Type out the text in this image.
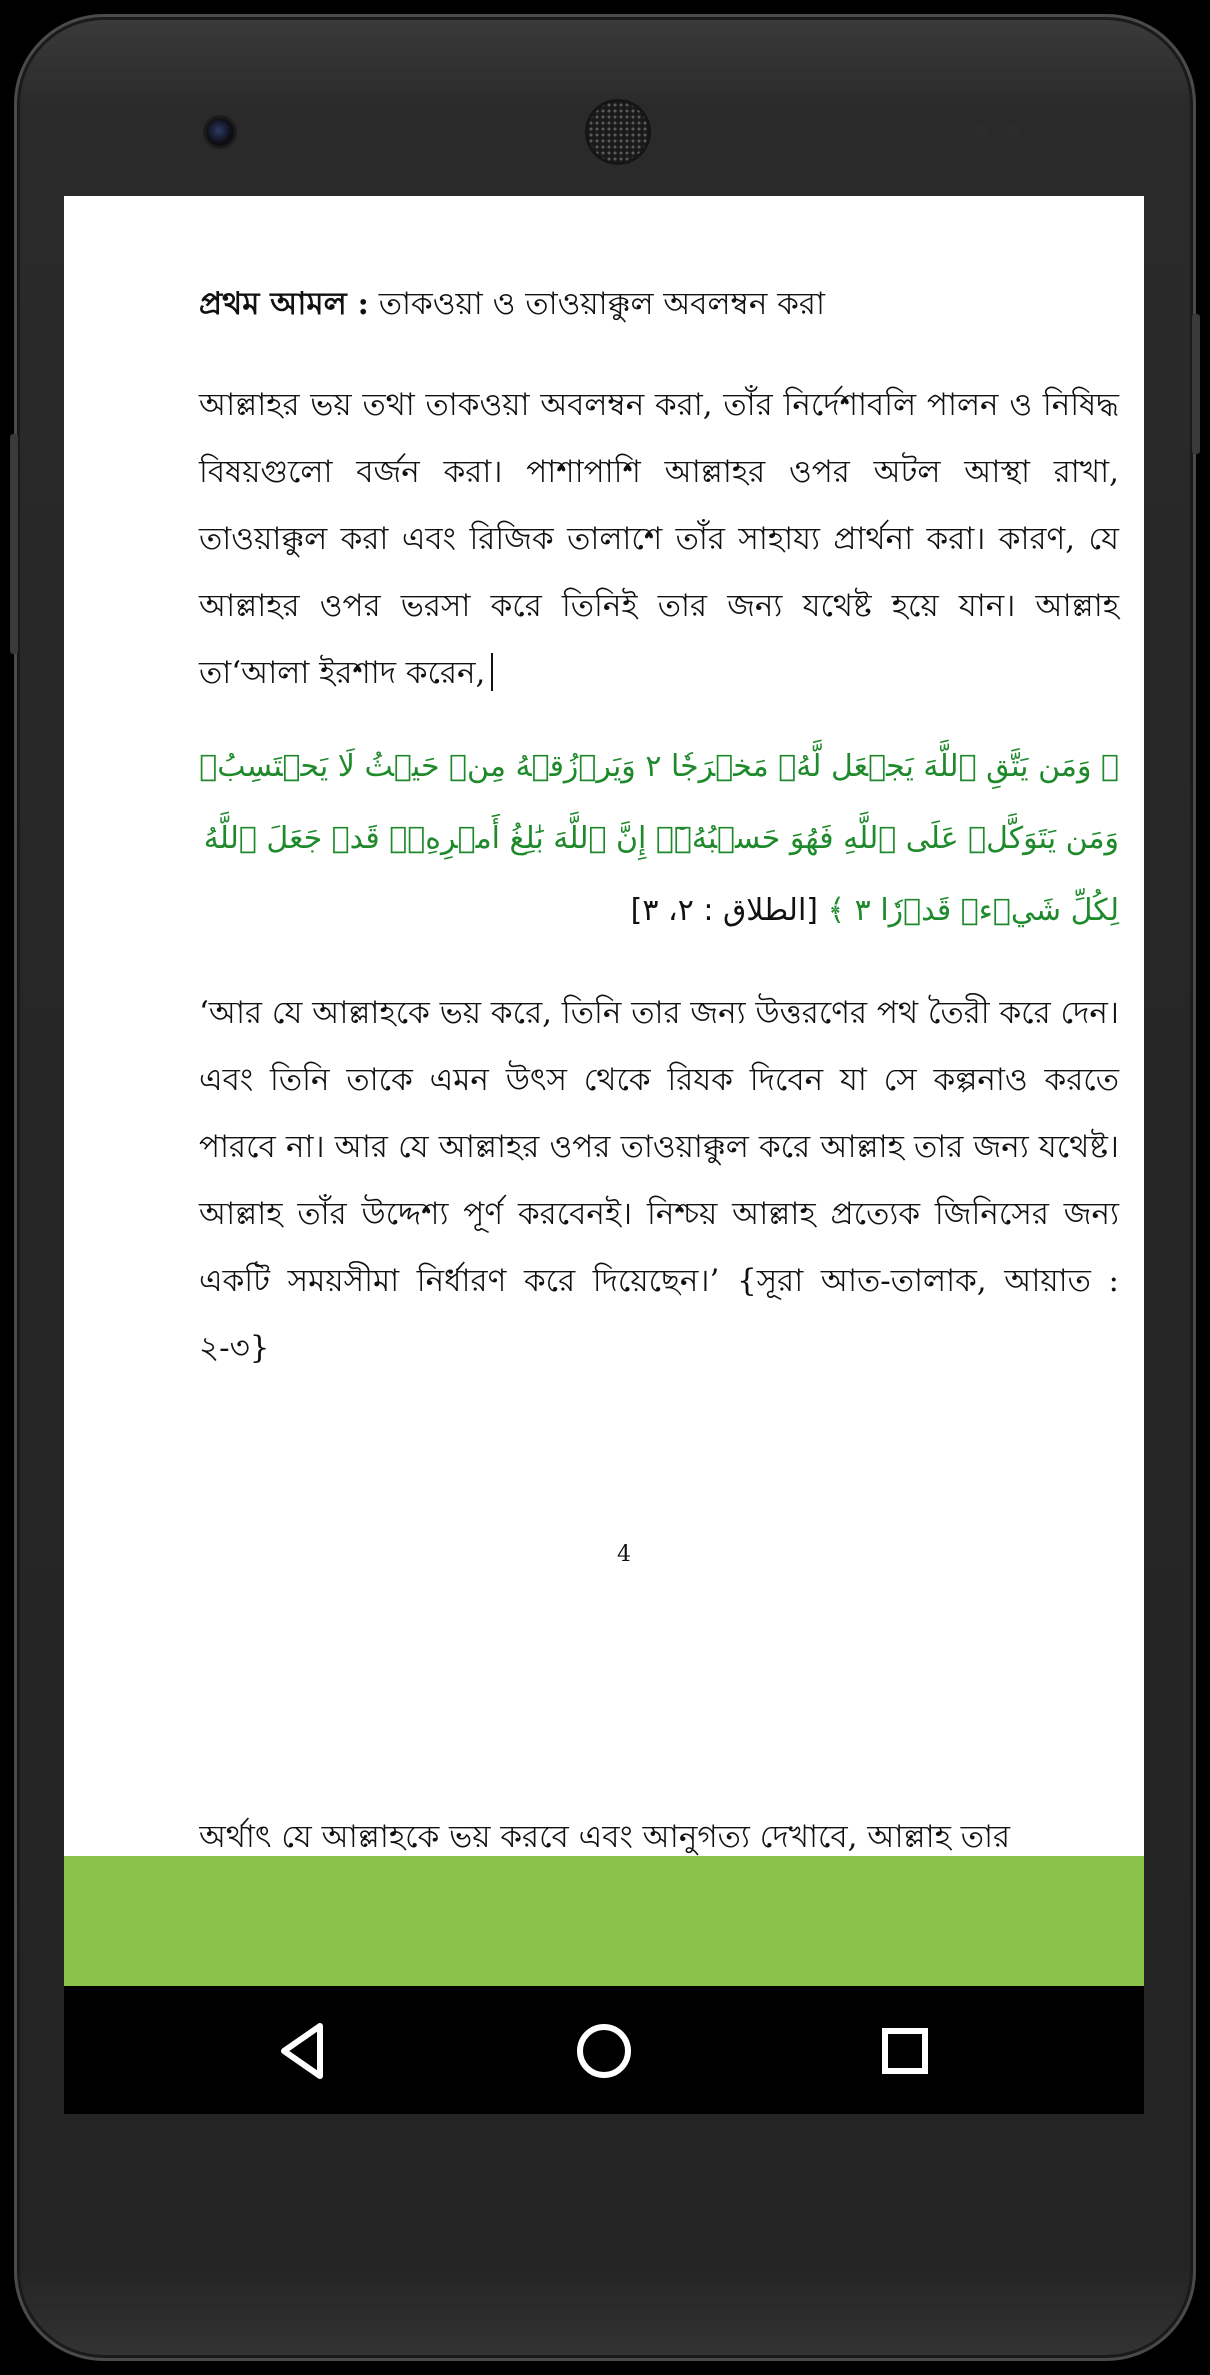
প্রথম আমল : তাকওয়া ও তাওয়াক্কুল অবলম্বন করা
আল্লাহর ভয় তথা তাকওয়া অবলম্বন করা, তাঁর নির্দেশাবলি পালন ও নিষিদ্ধ বিষয়গুলো বর্জন করা। পাশাপাশি আল্লাহর ওপর অটল আস্থা রাখা, তাওয়াক্কুল করা এবং রিজিক তালাশে তাঁর সাহায্য প্রার্থনা করা। কারণ, যে আল্লাহর ওপর ভরসা করে তিনিই তার জন্য যথেষ্ট হয়ে যান। আল্লাহ তা‘আলা ইরশাদ করেন,
﴿ وَمَن يَتَّقِ ٱللَّهَ يَجۡعَل لَّهُۥ مَخۡرَجٗا ٢ وَيَرۡزُقۡهُ مِنۡ حَيۡثُ لَا يَحۡتَسِبُۚ وَمَن يَتَوَكَّلۡ عَلَى ٱللَّهِ فَهُوَ حَسۡبُهُۥٓۚ إِنَّ ٱللَّهَ بَٰلِغُ أَمۡرِهِۦۚ قَدۡ جَعَلَ ٱللَّهُ لِكُلِّ شَيۡءٖ قَدۡرٗا ٣ ﴾ [الطلاق : ٢، ٣]
‘আর যে আল্লাহকে ভয় করে, তিনি তার জন্য উত্তরণের পথ তৈরী করে দেন। এবং তিনি তাকে এমন উৎস থেকে রিযক দিবেন যা সে কল্পনাও করতে পারবে না। আর যে আল্লাহর ওপর তাওয়াক্কুল করে আল্লাহ তার জন্য যথেষ্ট। আল্লাহ তাঁর উদ্দেশ্য পূর্ণ করবেনই। নিশ্চয় আল্লাহ প্রত্যেক জিনিসের জন্য একটি সময়সীমা নির্ধারণ করে দিয়েছেন।’ {সূরা আত-তালাক, আয়াত : ২-৩}
4
অর্থাৎ যে আল্লাহকে ভয় করবে এবং আনুগত্য দেখাবে, আল্লাহ তার
